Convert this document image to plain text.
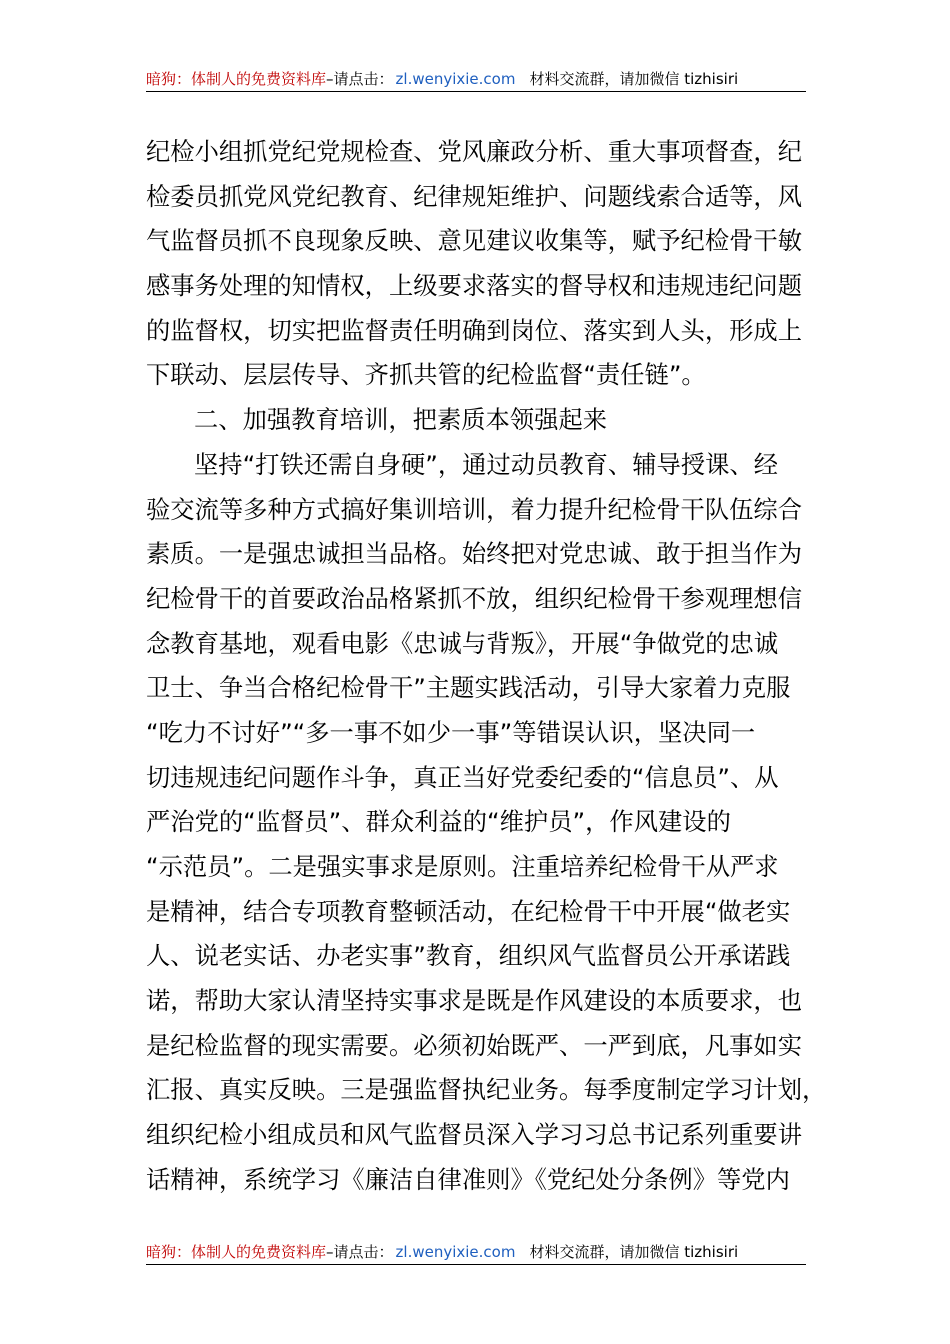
暗狗：体制人的免费资料库–请点击： zl.wenyixie.com 材料交流群，请加微信 tizhisiri
纪检小组抓党纪党规检查、党风廉政分析、重大事项督查，纪
检委员抓党风党纪教育、纪律规矩维护、问题线索合适等，风
气监督员抓不良现象反映、意见建议收集等，赋予纪检骨干敏
感事务处理的知情权，上级要求落实的督导权和违规违纪问题
的监督权，切实把监督责任明确到岗位、落实到人头，形成上
下联动、层层传导、齐抓共管的纪检监督“责任链”。
二、加强教育培训，把素质本领强起来
坚持“打铁还需自身硬”，通过动员教育、辅导授课、经
验交流等多种方式搞好集训培训，着力提升纪检骨干队伍综合
素质。一是强忠诚担当品格。始终把对党忠诚、敢于担当作为
纪检骨干的首要政治品格紧抓不放，组织纪检骨干参观理想信
念教育基地，观看电影《忠诚与背叛》，开展“争做党的忠诚
卫士、争当合格纪检骨干”主题实践活动，引导大家着力克服
“吃力不讨好”“多一事不如少一事”等错误认识，坚决同一
切违规违纪问题作斗争，真正当好党委纪委的“信息员”、从
严治党的“监督员”、群众利益的“维护员”，作风建设的
“示范员”。二是强实事求是原则。注重培养纪检骨干从严求
是精神，结合专项教育整顿活动，在纪检骨干中开展“做老实
人、说老实话、办老实事”教育，组织风气监督员公开承诺践
诺，帮助大家认清坚持实事求是既是作风建设的本质要求，也
是纪检监督的现实需要。必须初始既严、一严到底，凡事如实
汇报、真实反映。三是强监督执纪业务。每季度制定学习计划，
组织纪检小组成员和风气监督员深入学习习总书记系列重要讲
话精神，系统学习《廉洁自律准则》《党纪处分条例》等党内
暗狗：体制人的免费资料库–请点击： zl.wenyixie.com 材料交流群，请加微信 tizhisiri
